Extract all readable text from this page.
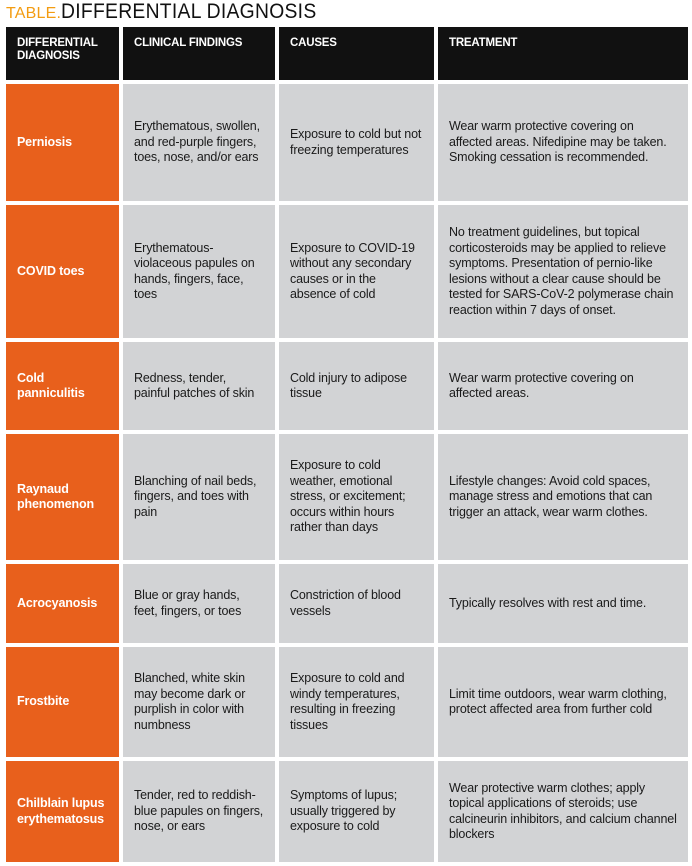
TABLE.DIFFERENTIAL DIAGNOSIS
DIFFERENTIAL DIAGNOSIS	CLINICAL FINDINGS	CAUSES	TREATMENT
Perniosis	Erythematous, swollen, and red-purple fingers, toes, nose, and/or ears	Exposure to cold but not freezing temperatures	Wear warm protective covering on affected areas. Nifedipine may be taken. Smoking cessation is recommended.
COVID toes	Erythematous-violaceous papules on hands, fingers, face, toes	Exposure to COVID-19 without any secondary causes or in the absence of cold	No treatment guidelines, but topical corticosteroids may be applied to relieve symptoms. Presentation of pernio-like lesions without a clear cause should be tested for SARS-CoV-2 polymerase chain reaction within 7 days of onset.
Cold panniculitis	Redness, tender, painful patches of skin	Cold injury to adipose tissue	Wear warm protective covering on affected areas.
Raynaud phenomenon	Blanching of nail beds, fingers, and toes with pain	Exposure to cold weather, emotional stress, or excitement; occurs within hours rather than days	Lifestyle changes: Avoid cold spaces, manage stress and emotions that can trigger an attack, wear warm clothes.
Acrocyanosis	Blue or gray hands, feet, fingers, or toes	Constriction of blood vessels	Typically resolves with rest and time.
Frostbite	Blanched, white skin may become dark or purplish in color with numbness	Exposure to cold and windy temperatures, resulting in freezing tissues	Limit time outdoors, wear warm clothing, protect affected area from further cold
Chilblain lupus erythematosus	Tender, red to reddish-blue papules on fingers, nose, or ears	Symptoms of lupus; usually triggered by exposure to cold	Wear protective warm clothes; apply topical applications of steroids; use calcineurin inhibitors, and calcium channel blockers
